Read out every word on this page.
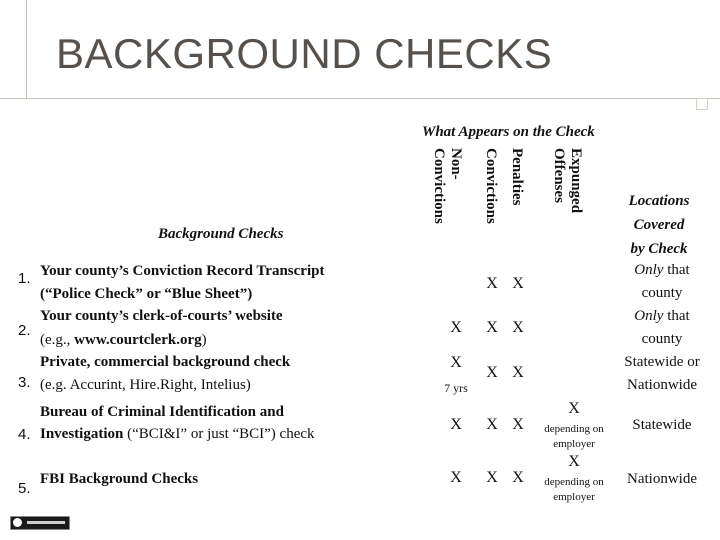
BACKGROUND CHECKS
What Appears on the Check
Background Checks
Expunged
Offenses
Penalties
Convictions
Non-
Convictions	Locations
Covered
by Check
1. Your county’s Conviction Record Transcript
(“Police Check” or “Blue Sheet”)
X X
Only that
county
2.
Your county’s clerk-of-courts’ website
(e.g., www.courtclerk.org)
X X X
Only that
county
3.
Private, commercial background check
(e.g. Accurint, Hire.Right, Intelius)
X
7 yrs
X X
Statewide or
Nationwide
4.
Bureau of Criminal Identification and
Investigation (“BCI&I” or just “BCI”) check
X X X
X
depending on
employer
Statewide
5.
FBI Background Checks	X X X
X
depending on
employer
Nationwide
